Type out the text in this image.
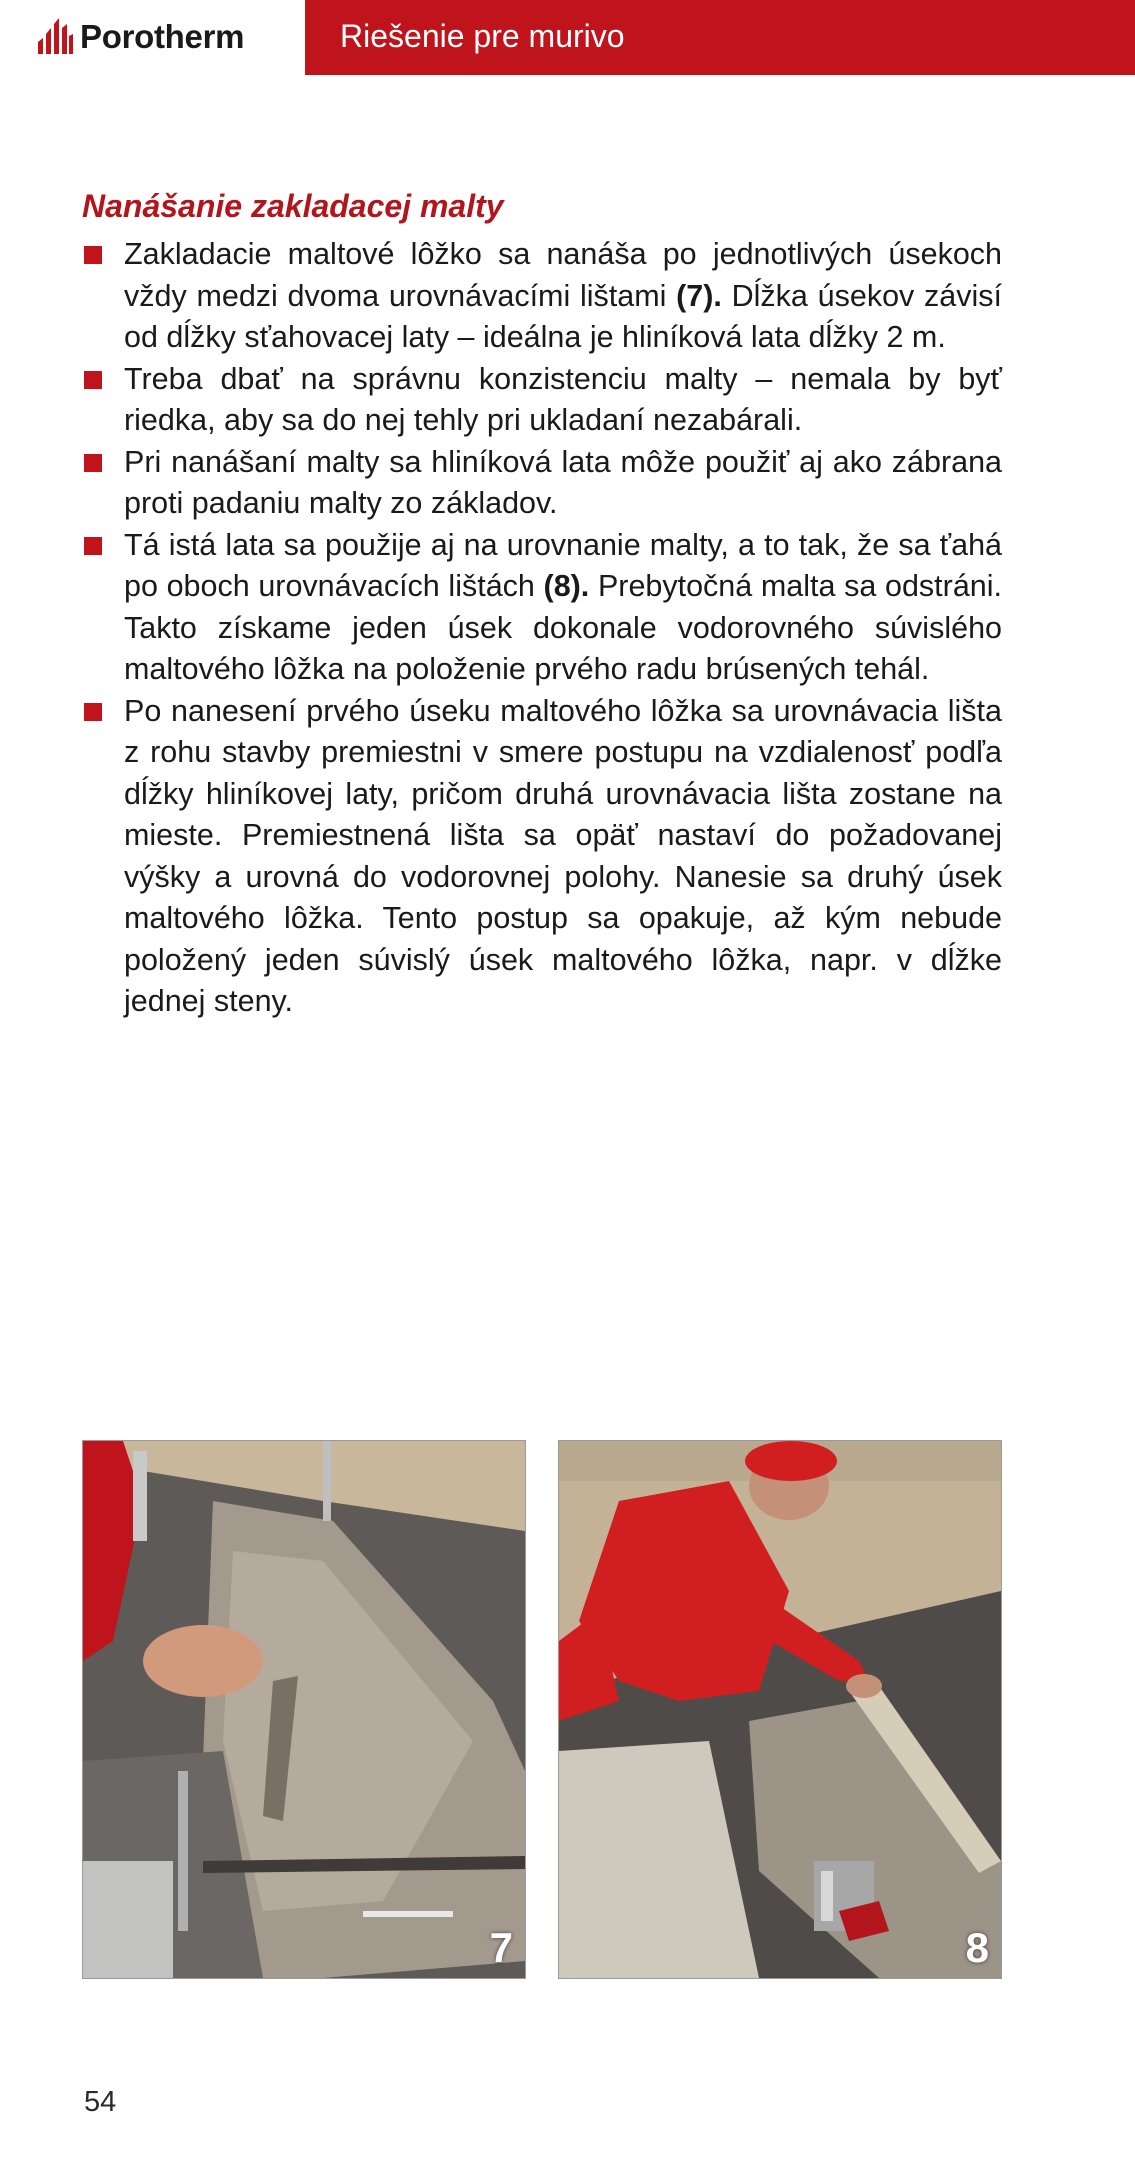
Porotherm	Riešenie pre murivo
Nanášanie zakladacej malty
Zakladacie maltové lôžko sa nanáša po jednotlivých úsekoch vždy medzi dvoma urovnávacími lištami (7). Dĺžka úsekov závisí od dĺžky sťahovacej laty – ideálna je hliníková lata dĺžky 2 m.
Treba dbať na správnu konzistenciu malty – nemala by byť riedka, aby sa do nej tehly pri ukladaní nezabárali.
Pri nanášaní malty sa hliníková lata môže použiť aj ako zábrana proti padaniu malty zo základov.
Tá istá lata sa použije aj na urovnanie malty, a to tak, že sa ťahá po oboch urovnávacích lištách (8). Prebytočná malta sa odstráni. Takto získame jeden úsek dokonale vodorovného súvislého maltového lôžka na položenie prvého radu brúsených tehál.
Po nanesení prvého úseku maltového lôžka sa urovnávacia lišta z rohu stavby premiestni v smere postupu na vzdialenosť podľa dĺžky hliníkovej laty, pričom druhá urovnávacia lišta zostane na mieste. Premiestnená lišta sa opäť nastaví do požadovanej výšky a urovná do vodorovnej polohy. Nanesie sa druhý úsek maltového lôžka. Tento postup sa opakuje, až kým nebude položený jeden súvislý úsek maltového lôžka, napr. v dĺžke jednej steny.
7	8
54
